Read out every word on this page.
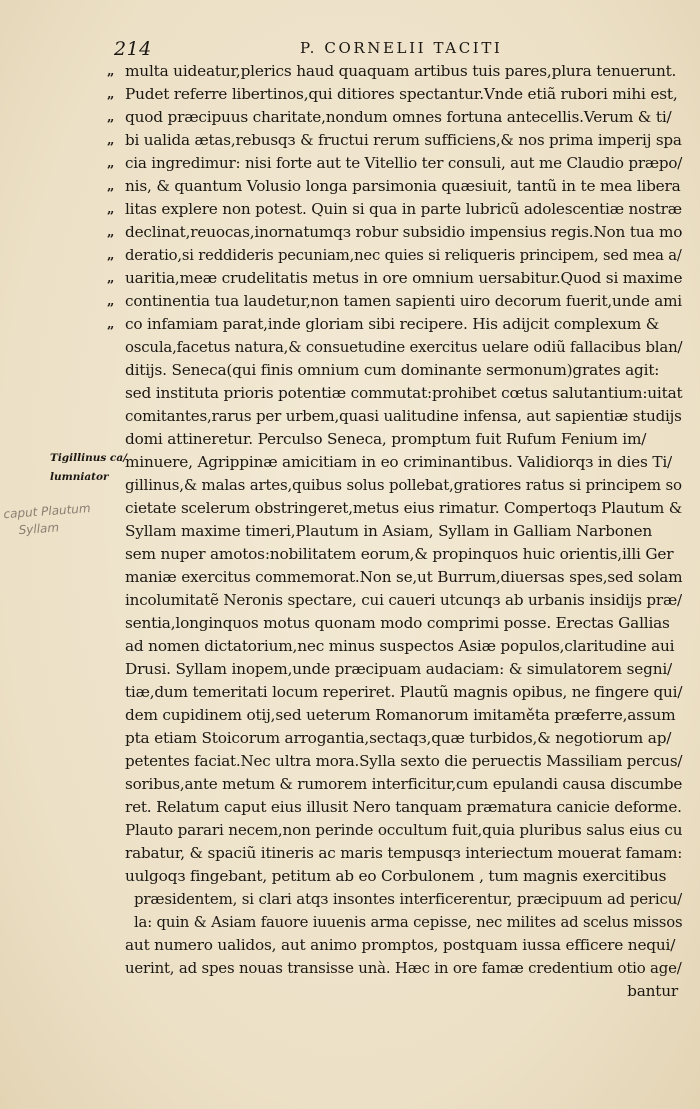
214	P. CORNELII TACITI
„ multa uideatur,plerics haud quaquam artibus tuis pares,plura tenuerunt.
„ Pudet referre libertinos,qui ditiores spectantur.Vnde etiã rubori mihi est,
„ quod præcipuus charitate,nondum omnes fortuna antecellis.Verum & ti/
„ bi ualida ætas,rebusqз & fructui rerum sufficiens,& nos prima imperij spa
„ cia ingredimur: nisi forte aut te Vitellio ter consuli, aut me Claudio præpo/
„ nis, & quantum Volusio longa parsimonia quæsiuit, tantũ in te mea libera
„ litas explere non potest. Quin si qua in parte lubricũ adolescentiæ nostræ
„ declinat,reuocas,inornatumqз robur subsidio impensius regis.Non tua mo
„ deratio,si reddideris pecuniam,nec quies si reliqueris principem, sed mea a/
„ uaritia,meæ crudelitatis metus in ore omnium uersabitur.Quod si maxime
„ continentia tua laudetur,non tamen sapienti uiro decorum fuerit,unde ami
„ co infamiam parat,inde gloriam sibi recipere. His adijcit complexum &
oscula,facetus natura,& consuetudine exercitus uelare odiũ fallacibus blan/
ditijs. Seneca(qui finis omnium cum dominante sermonum)grates agit:
sed instituta prioris potentiæ commutat:prohibet cœtus salutantium:uitat
comitantes,rarus per urbem,quasi ualitudine infensa, aut sapientiæ studijs
domi attineretur. Perculso Seneca, promptum fuit Rufum Fenium im/
minuere, Agrippinæ amicitiam in eo criminantibus. Validiorqз in dies Ti/
gillinus,& malas artes,quibus solus pollebat,gratiores ratus si principem so
cietate scelerum obstringeret,metus eius rimatur. Compertoqз Plautum &
Syllam maxime timeri,Plautum in Asiam, Syllam in Galliam Narbonen
sem nuper amotos:nobilitatem eorum,& propinquos huic orientis,illi Ger
maniæ exercitus commemorat.Non se,ut Burrum,diuersas spes,sed solam
incolumitatẽ Neronis spectare, cui caueri utcunqз ab urbanis insidijs præ/
sentia,longinquos motus quonam modo comprimi posse. Erectas Gallias
ad nomen dictatorium,nec minus suspectos Asiæ populos,claritudine aui
Drusi. Syllam inopem,unde præcipuam audaciam: & simulatorem segni/
tiæ,dum temeritati locum reperiret. Plautũ magnis opibus, ne fingere qui/
dem cupidinem otij,sed ueterum Romanorum imitaměta præferre,assum
pta etiam Stoicorum arrogantia,sectaqз,quæ turbidos,& negotiorum ap/
petentes faciat.Nec ultra mora.Sylla sexto die peruectis Massiliam percus/
soribus,ante metum & rumorem interficitur,cum epulandi causa discumbe
ret. Relatum caput eius illusit Nero tanquam præmatura canicie deforme.
Plauto parari necem,non perinde occultum fuit,quia pluribus salus eius cu
rabatur, & spaciũ itineris ac maris tempusqз interiectum mouerat famam:
uulgoqз fingebant, petitum ab eo Corbulonem , tum magnis exercitibus
præsidentem, si clari atqз insontes interficerentur, præcipuum ad pericu/
la: quin & Asiam fauore iuuenis arma cepisse, nec milites ad scelus missos
aut numero ualidos, aut animo promptos, postquam iussa efficere nequi/
uerint, ad spes nouas transisse unà. Hæc in ore famæ credentium otio age/
bantur
Tigillinus ca/
lumniator
caput Plautum
Syllam
